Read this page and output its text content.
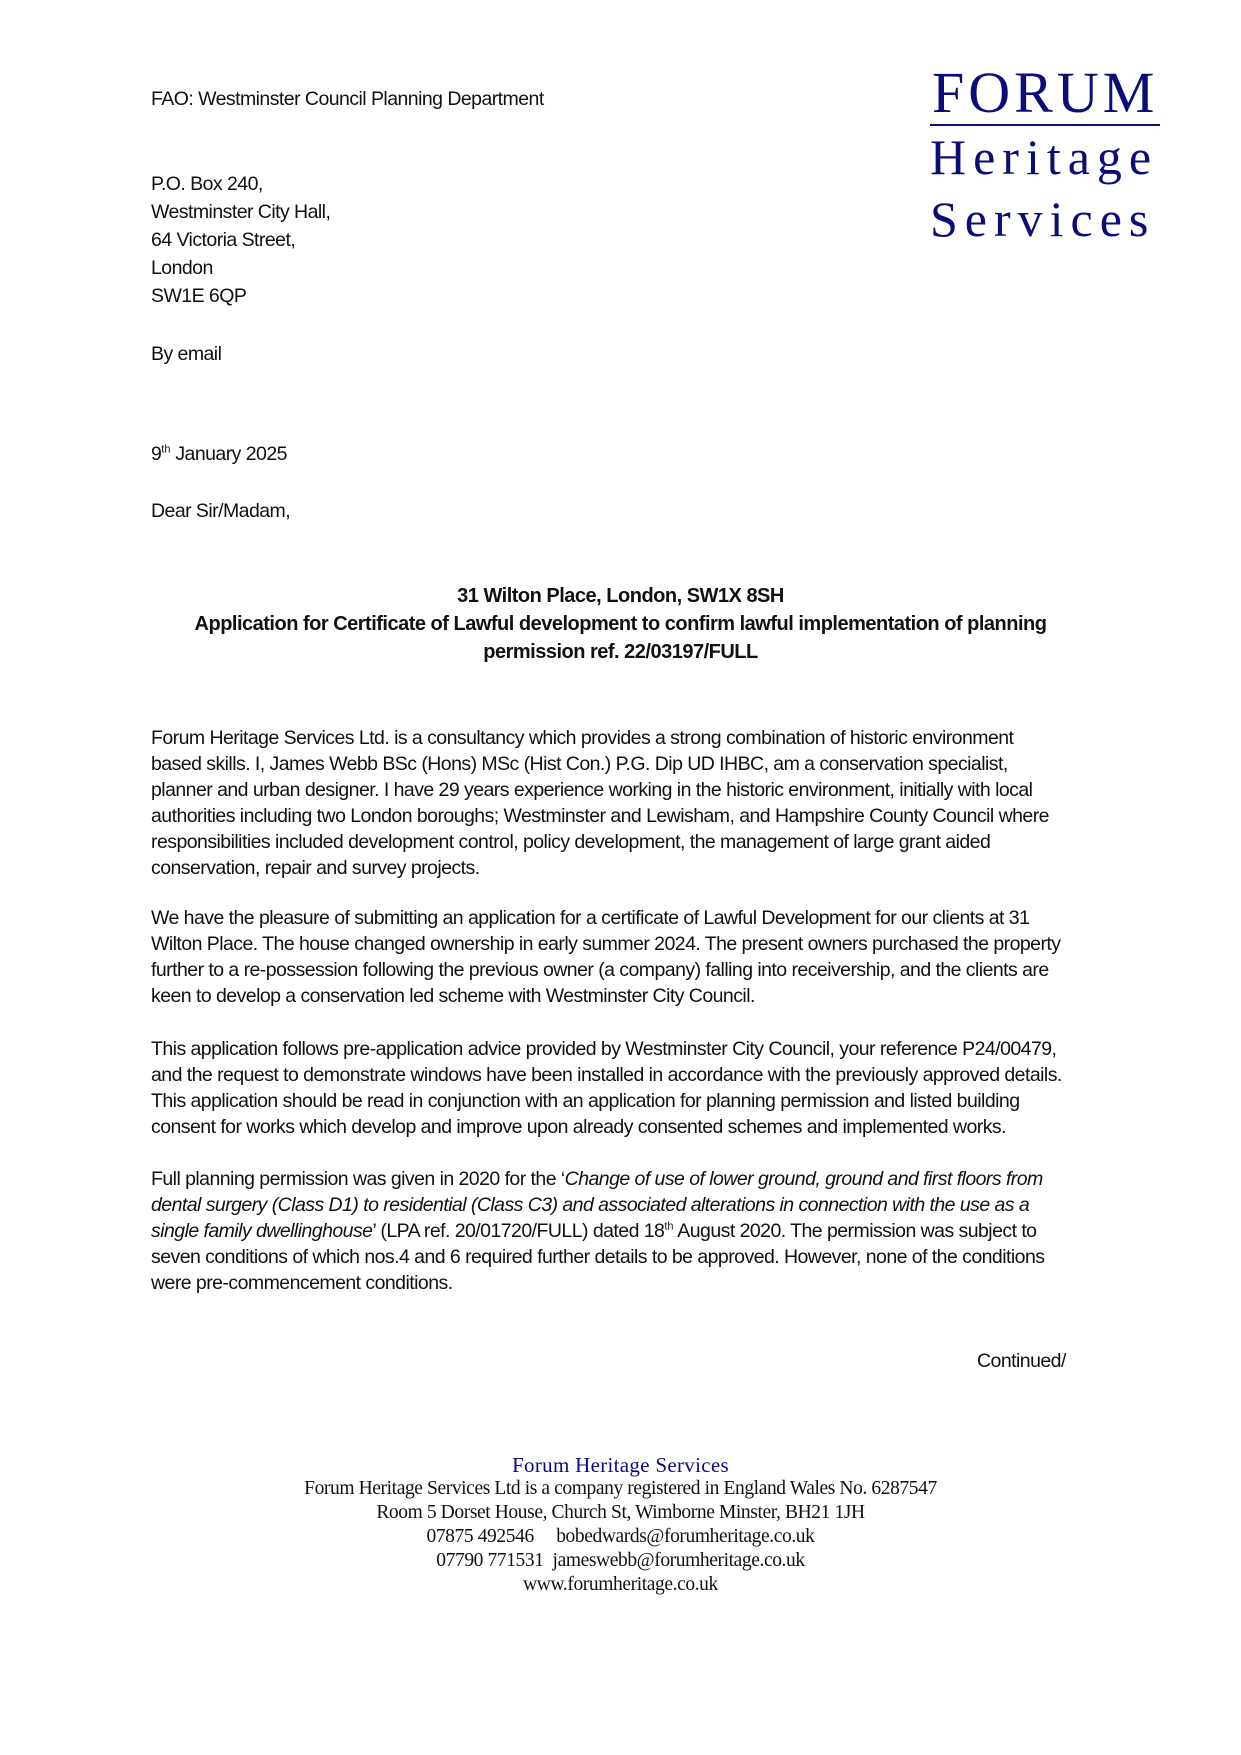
FORUM
Heritage
Services
FAO: Westminster Council Planning Department
P.O. Box 240,
Westminster City Hall,
64 Victoria Street,
London
SW1E 6QP
By email
9th January 2025
Dear Sir/Madam,
31 Wilton Place, London, SW1X 8SH
Application for Certificate of Lawful development to confirm lawful implementation of planning
permission ref. 22/03197/FULL
Forum Heritage Services Ltd. is a consultancy which provides a strong combination of historic environment
based skills. I, James Webb BSc (Hons) MSc (Hist Con.) P.G. Dip UD IHBC, am a conservation specialist,
planner and urban designer. I have 29 years experience working in the historic environment, initially with local
authorities including two London boroughs; Westminster and Lewisham, and Hampshire County Council where
responsibilities included development control, policy development, the management of large grant aided
conservation, repair and survey projects.
We have the pleasure of submitting an application for a certificate of Lawful Development for our clients at 31
Wilton Place. The house changed ownership in early summer 2024. The present owners purchased the property
further to a re-possession following the previous owner (a company) falling into receivership, and the clients are
keen to develop a conservation led scheme with Westminster City Council.
This application follows pre-application advice provided by Westminster City Council, your reference P24/00479,
and the request to demonstrate windows have been installed in accordance with the previously approved details.
This application should be read in conjunction with an application for planning permission and listed building
consent for works which develop and improve upon already consented schemes and implemented works.
Full planning permission was given in 2020 for the ‘Change of use of lower ground, ground and first floors from
dental surgery (Class D1) to residential (Class C3) and associated alterations in connection with the use as a
single family dwellinghouse’ (LPA ref. 20/01720/FULL) dated 18th August 2020. The permission was subject to
seven conditions of which nos.4 and 6 required further details to be approved. However, none of the conditions
were pre-commencement conditions.
Continued/
Forum Heritage Services
Forum Heritage Services Ltd is a company registered in England Wales No. 6287547
Room 5 Dorset House, Church St, Wimborne Minster, BH21 1JH
07875 492546 bobedwards@forumheritage.co.uk
07790 771531 jameswebb@forumheritage.co.uk
www.forumheritage.co.uk
